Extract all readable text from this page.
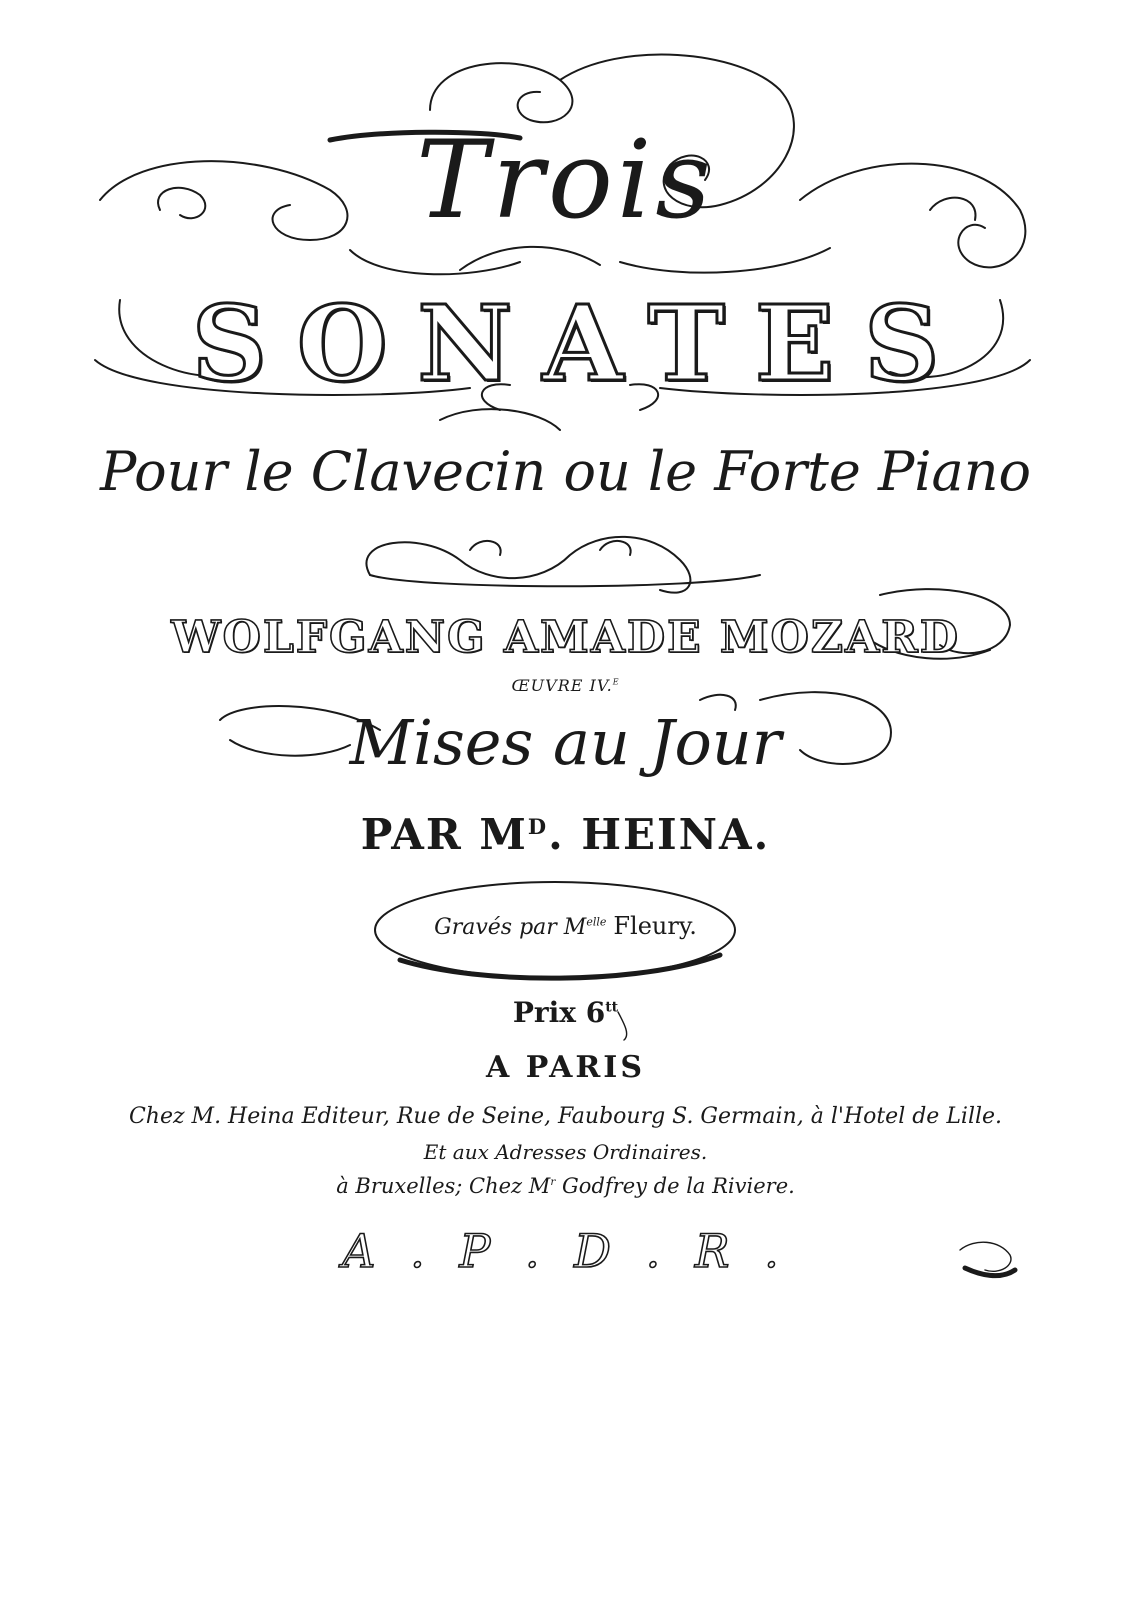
Trois
SONATES
Pour le Clavecin ou le Forte Piano
WOLFGANG AMADE MOZARD
ŒUVRE IV.$^E$
Mises au Jour
PAR $M^D$. HEINA.
Gravés par $M^{elle}$ Fleury.
Prix $6^{tt}$
A PARIS
Chez M. Heina Editeur, Rue de Seine, Faubourg S. Germain, à l'Hotel de Lille.
Et aux Adresses Ordinaires.
à Bruxelles; Chez $M^r$ Godfrey de la Riviere.
A . P . D . R .
